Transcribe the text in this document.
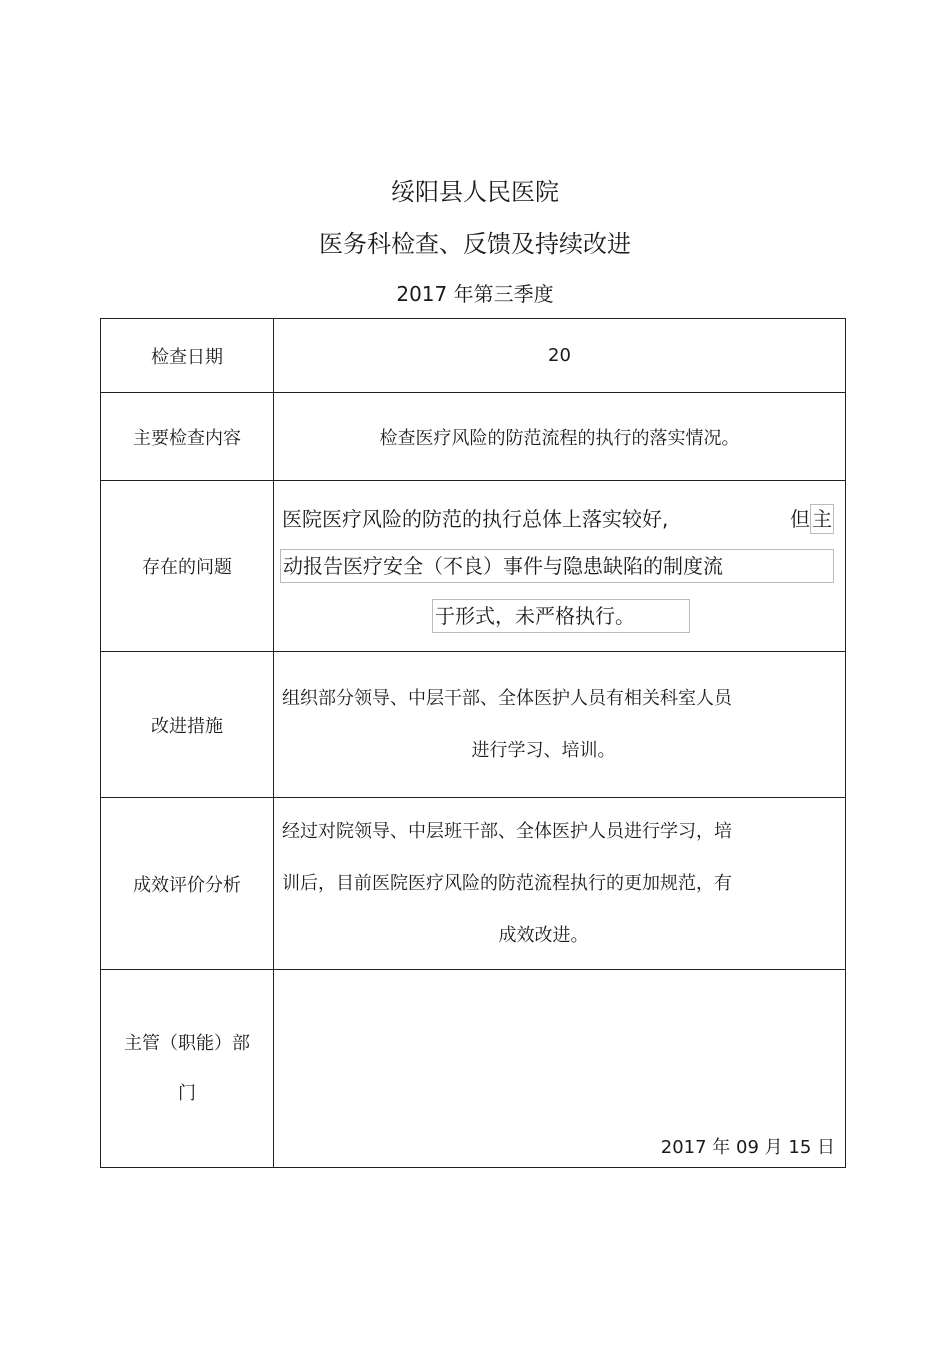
绥阳县人民医院
医务科检查、反馈及持续改进
2017 年第三季度
检查日期	20
主要检查内容	检查医疗风险的防范流程的执行的落实情况。
存在的问题	医院医疗风险的防范的执行总体上落实较好, 但 主
动报告医疗安全（不良）事件与隐患缺陷的制度流
于形式，未严格执行。

改进措施	组织部分领导、中层干部、全体医护人员有相关科室人员
进行学习、培训。

成效评价分析	经过对院领导、中层班干部、全体医护人员进行学习，培
训后，目前医院医疗风险的防范流程执行的更加规范，有
成效改进。

主管（职能）部
门	2017 年 09 月 15 日
